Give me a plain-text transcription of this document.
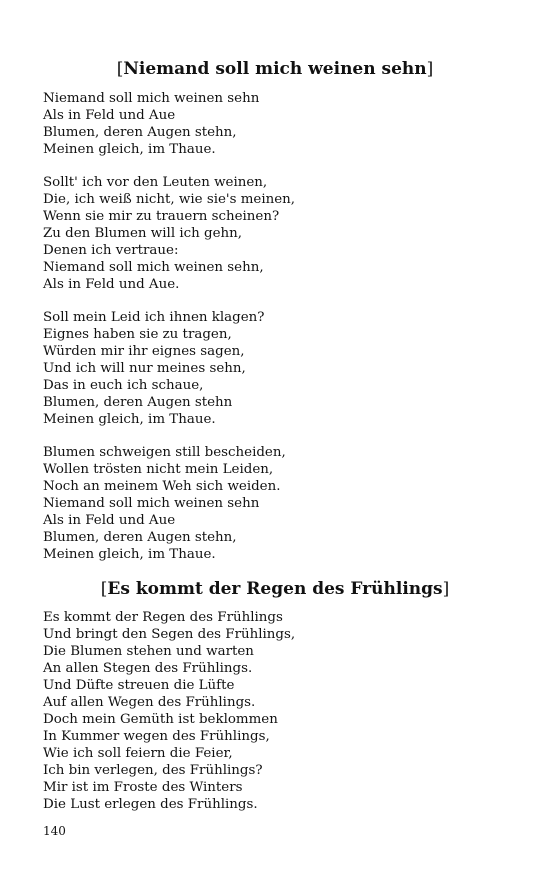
[Niemand soll mich weinen sehn]
Niemand soll mich weinen sehn
Als in Feld und Aue
Blumen, deren Augen stehn,
Meinen gleich, im Thaue.
Sollt' ich vor den Leuten weinen,
Die, ich weiß nicht, wie sie's meinen,
Wenn sie mir zu trauern scheinen?
Zu den Blumen will ich gehn,
Denen ich vertraue:
Niemand soll mich weinen sehn,
Als in Feld und Aue.
Soll mein Leid ich ihnen klagen?
Eignes haben sie zu tragen,
Würden mir ihr eignes sagen,
Und ich will nur meines sehn,
Das in euch ich schaue,
Blumen, deren Augen stehn
Meinen gleich, im Thaue.
Blumen schweigen still bescheiden,
Wollen trösten nicht mein Leiden,
Noch an meinem Weh sich weiden.
Niemand soll mich weinen sehn
Als in Feld und Aue
Blumen, deren Augen stehn,
Meinen gleich, im Thaue.
[Es kommt der Regen des Frühlings]
Es kommt der Regen des Frühlings
Und bringt den Segen des Frühlings,
Die Blumen stehen und warten
An allen Stegen des Frühlings.
Und Düfte streuen die Lüfte
Auf allen Wegen des Frühlings.
Doch mein Gemüth ist beklommen
In Kummer wegen des Frühlings,
Wie ich soll feiern die Feier,
Ich bin verlegen, des Frühlings?
Mir ist im Froste des Winters
Die Lust erlegen des Frühlings.
140
